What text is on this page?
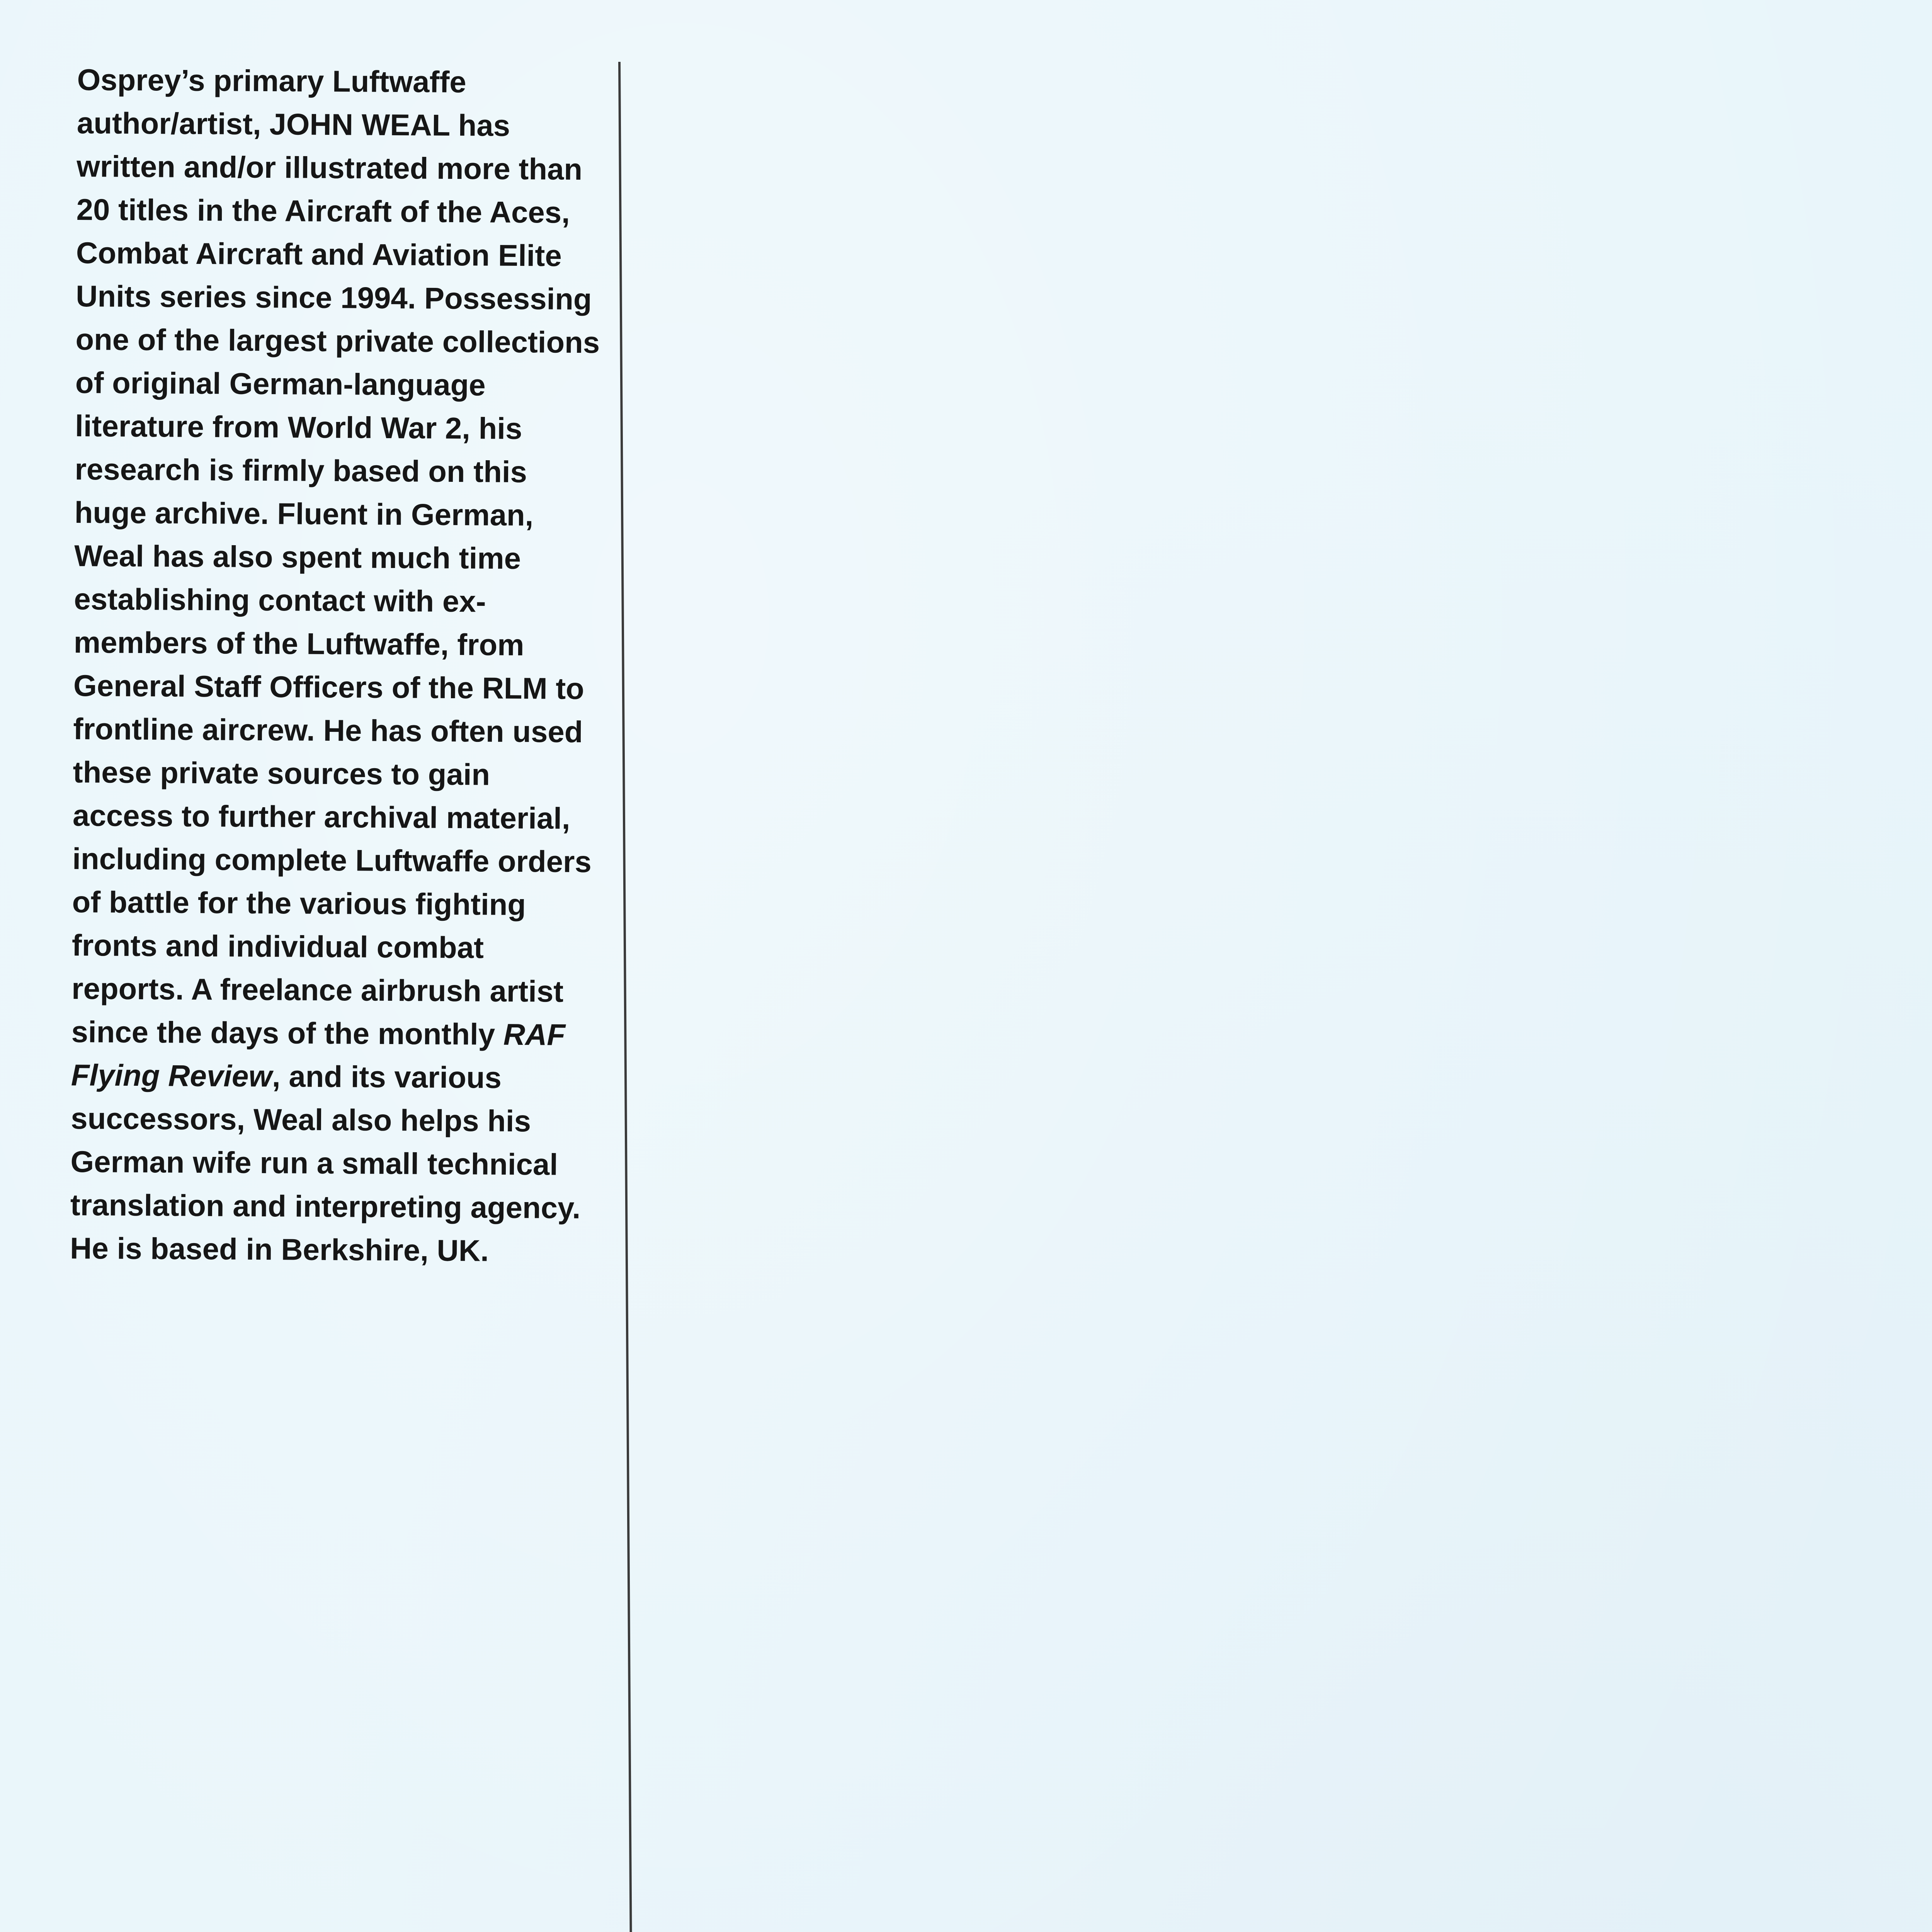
Osprey’s primary Luftwaffe author/artist, JOHN WEAL has written and/or illustrated more than 20 titles in the Aircraft of the Aces, Combat Aircraft and Aviation Elite Units series since 1994. Possessing one of the largest private collections of original German-language literature from World War 2, his research is firmly based on this huge archive. Fluent in German, Weal has also spent much time establishing contact with ex-members of the Luftwaffe, from General Staff Officers of the RLM to frontline aircrew. He has often used these private sources to gain access to further archival material, including complete Luftwaffe orders of battle for the various fighting fronts and individual combat reports. A freelance airbrush artist since the days of the monthly RAF Flying Review, and its various successors, Weal also helps his German wife run a small technical translation and interpreting agency. He is based in Berkshire, UK.
